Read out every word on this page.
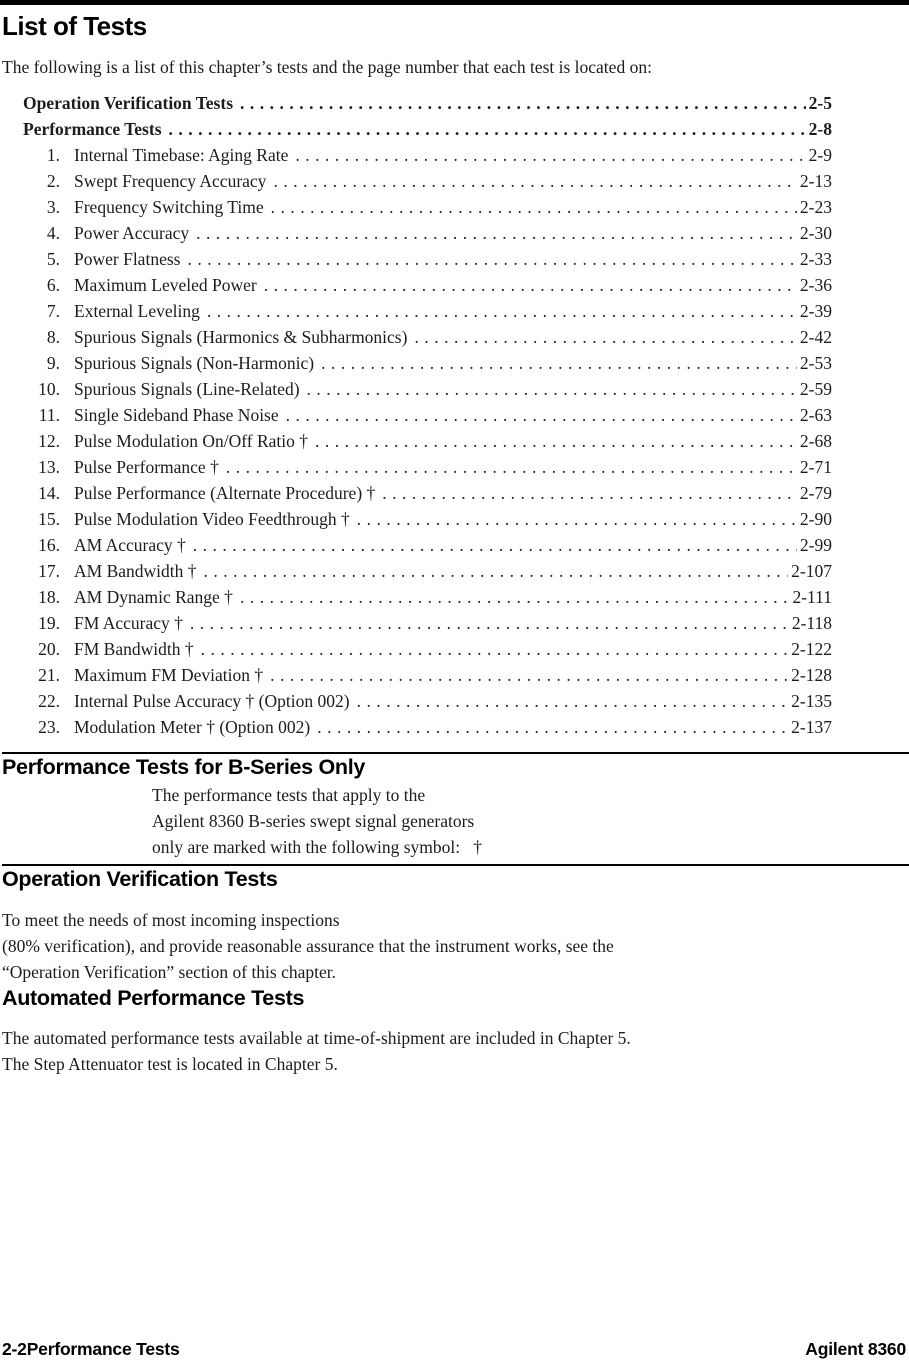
List of Tests
The following is a list of this chapter’s tests and the page number that each test is located on:
Operation Verification Tests .....	2-5
Performance Tests .....	2-8
1. Internal Timebase: Aging Rate .....	2-9
2. Swept Frequency Accuracy .....	2-13
3. Frequency Switching Time .....	2-23
4. Power Accuracy .....	2-30
5. Power Flatness .....	2-33
6. Maximum Leveled Power .....	2-36
7. External Leveling .....	2-39
8. Spurious Signals (Harmonics & Subharmonics) .....	2-42
9. Spurious Signals (Non-Harmonic) .....	2-53
10. Spurious Signals (Line-Related) .....	2-59
11. Single Sideband Phase Noise .....	2-63
12. Pulse Modulation On/Off Ratio † .....	2-68
13. Pulse Performance † .....	2-71
14. Pulse Performance (Alternate Procedure) † .....	2-79
15. Pulse Modulation Video Feedthrough † .....	2-90
16. AM Accuracy † .....	2-99
17. AM Bandwidth † .....	2-107
18. AM Dynamic Range † .....	2-111
19. FM Accuracy † .....	2-118
20. FM Bandwidth † .....	2-122
21. Maximum FM Deviation † .....	2-128
22. Internal Pulse Accuracy † (Option 002) .....	2-135
23. Modulation Meter † (Option 002) .....	2-137
Performance Tests for B-Series Only
The performance tests that apply to the
Agilent 8360 B-series swept signal generators
only are marked with the following symbol:   †
Operation Verification Tests
To meet the needs of most incoming inspections
(80% verification), and provide reasonable assurance that the instrument works, see the
“Operation Verification” section of this chapter.
Automated Performance Tests
The automated performance tests available at time-of-shipment are included in Chapter 5.
The Step Attenuator test is located in Chapter 5.
2-2Performance Tests	Agilent 8360
